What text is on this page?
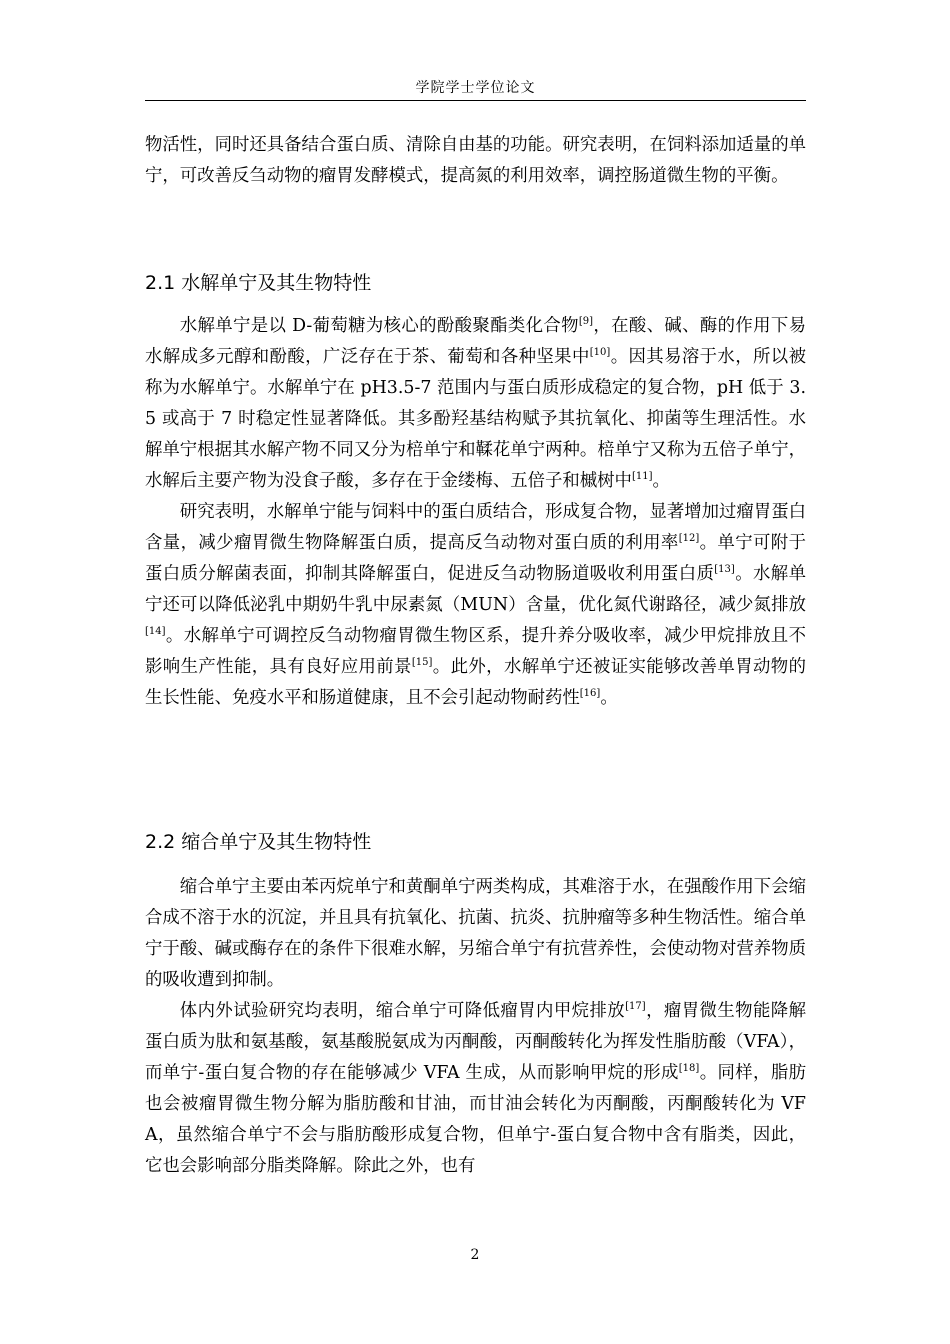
学院学士学位论文

物活性，同时还具备结合蛋白质、清除自由基的功能。研究表明，在饲料添加适量的单宁，可改善反刍动物的瘤胃发酵模式，提高氮的利用效率，调控肠道微生物的平衡。

2.1 水解单宁及其生物特性

水解单宁是以 D-葡萄糖为核心的酚酸聚酯类化合物[9]，在酸、碱、酶的作用下易水解成多元醇和酚酸，广泛存在于茶、葡萄和各种坚果中[10]。因其易溶于水，所以被称为水解单宁。水解单宁在 pH3.5-7 范围内与蛋白质形成稳定的复合物，pH 低于 3.5 或高于 7 时稳定性显著降低。其多酚羟基结构赋予其抗氧化、抑菌等生理活性。水解单宁根据其水解产物不同又分为棓单宁和鞣花单宁两种。棓单宁又称为五倍子单宁，水解后主要产物为没食子酸，多存在于金缕梅、五倍子和槭树中[11]。

研究表明，水解单宁能与饲料中的蛋白质结合，形成复合物，显著增加过瘤胃蛋白含量，减少瘤胃微生物降解蛋白质，提高反刍动物对蛋白质的利用率[12]。单宁可附于蛋白质分解菌表面，抑制其降解蛋白，促进反刍动物肠道吸收利用蛋白质[13]。水解单宁还可以降低泌乳中期奶牛乳中尿素氮（MUN）含量，优化氮代谢路径，减少氮排放[14]。水解单宁可调控反刍动物瘤胃微生物区系，提升养分吸收率，减少甲烷排放且不影响生产性能，具有良好应用前景[15]。此外，水解单宁还被证实能够改善单胃动物的生长性能、免疫水平和肠道健康，且不会引起动物耐药性[16]。

2.2 缩合单宁及其生物特性

缩合单宁主要由苯丙烷单宁和黄酮单宁两类构成，其难溶于水，在强酸作用下会缩合成不溶于水的沉淀，并且具有抗氧化、抗菌、抗炎、抗肿瘤等多种生物活性。缩合单宁于酸、碱或酶存在的条件下很难水解，另缩合单宁有抗营养性，会使动物对营养物质的吸收遭到抑制。

体内外试验研究均表明，缩合单宁可降低瘤胃内甲烷排放[17]，瘤胃微生物能降解蛋白质为肽和氨基酸，氨基酸脱氨成为丙酮酸，丙酮酸转化为挥发性脂肪酸（VFA），而单宁-蛋白复合物的存在能够减少 VFA 生成，从而影响甲烷的形成[18]。同样，脂肪也会被瘤胃微生物分解为脂肪酸和甘油，而甘油会转化为丙酮酸，丙酮酸转化为 VFA，虽然缩合单宁不会与脂肪酸形成复合物，但单宁-蛋白复合物中含有脂类，因此，它也会影响部分脂类降解。除此之外，也有

2
